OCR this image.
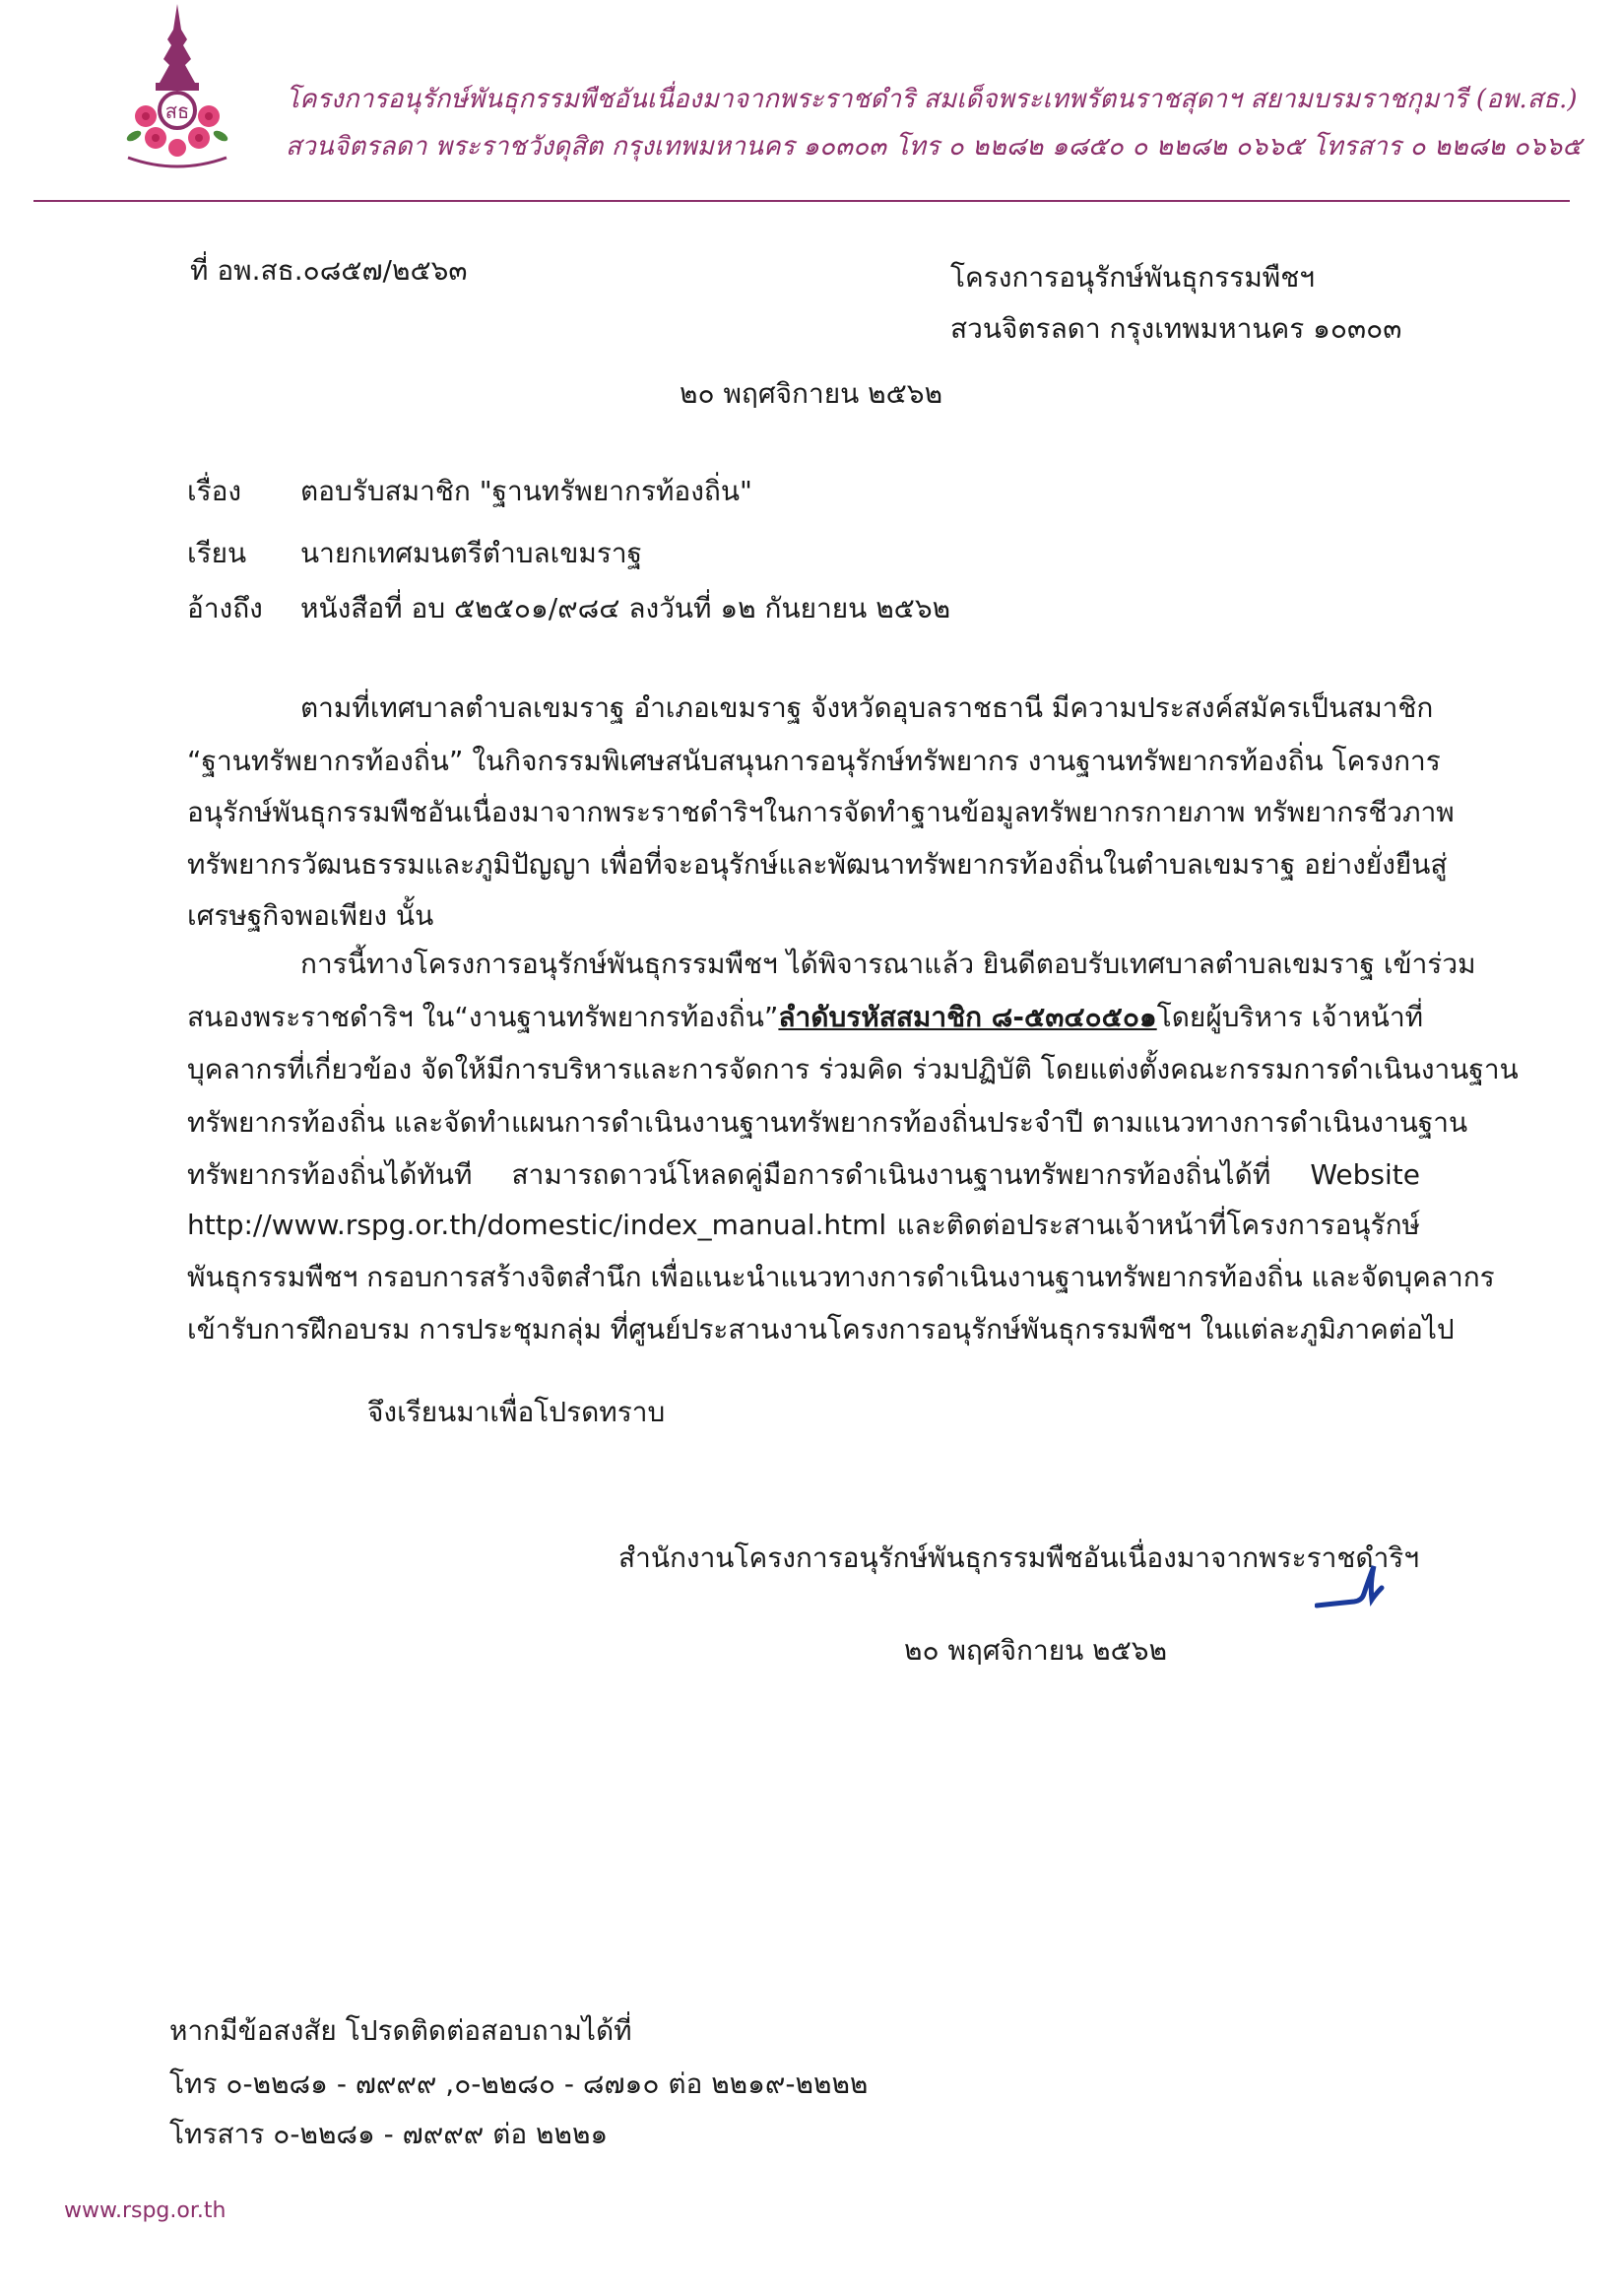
สธ	โครงการอนุรักษ์พันธุกรรมพืชอันเนื่องมาจากพระราชดำริ สมเด็จพระเทพรัตนราชสุดาฯ สยามบรมราชกุมารี (อพ.สธ.)
สวนจิตรลดา พระราชวังดุสิต กรุงเทพมหานคร ๑๐๓๐๓ โทร ๐ ๒๒๘๒ ๑๘๕๐ ๐ ๒๒๘๒ ๐๖๖๕ โทรสาร ๐ ๒๒๘๒ ๐๖๖๕
ที่ อพ.สธ.๐๘๕๗/๒๕๖๓	โครงการอนุรักษ์พันธุกรรมพืชฯ
สวนจิตรลดา กรุงเทพมหานคร ๑๐๓๐๓
๒๐ พฤศจิกายน ๒๕๖๒
เรื่อง ตอบรับสมาชิก "ฐานทรัพยากรท้องถิ่น"
เรียน นายกเทศมนตรีตำบลเขมราฐ
อ้างถึง หนังสือที่ อบ ๕๒๕๐๑/๙๘๔ ลงวันที่ ๑๒ กันยายน ๒๕๖๒
ตามที่เทศบาลตำบลเขมราฐ อำเภอเขมราฐ จังหวัดอุบลราชธานี มีความประสงค์สมัครเป็นสมาชิก
“ฐานทรัพยากรท้องถิ่น” ในกิจกรรมพิเศษสนับสนุนการอนุรักษ์ทรัพยากร งานฐานทรัพยากรท้องถิ่น โครงการ
อนุรักษ์พันธุกรรมพืชอันเนื่องมาจากพระราชดำริฯในการจัดทำฐานข้อมูลทรัพยากรกายภาพ ทรัพยากรชีวภาพ
ทรัพยากรวัฒนธรรมและภูมิปัญญา เพื่อที่จะอนุรักษ์และพัฒนาทรัพยากรท้องถิ่นในตำบลเขมราฐ อย่างยั่งยืนสู่
เศรษฐกิจพอเพียง นั้น
การนี้ทางโครงการอนุรักษ์พันธุกรรมพืชฯ ได้พิจารณาแล้ว ยินดีตอบรับเทศบาลตำบลเขมราฐ เข้าร่วม
สนองพระราชดำริฯ ใน“งานฐานทรัพยากรท้องถิ่น” ลำดับรหัสสมาชิก ๘-๕๓๔๐๕๐๑ โดยผู้บริหาร เจ้าหน้าที่
บุคลากรที่เกี่ยวข้อง จัดให้มีการบริหารและการจัดการ ร่วมคิด ร่วมปฏิบัติ โดยแต่งตั้งคณะกรรมการดำเนินงานฐาน
ทรัพยากรท้องถิ่น และจัดทำแผนการดำเนินงานฐานทรัพยากรท้องถิ่นประจำปี ตามแนวทางการดำเนินงานฐาน
ทรัพยากรท้องถิ่นได้ทันที สามารถดาวน์โหลดคู่มือการดำเนินงานฐานทรัพยากรท้องถิ่นได้ที่ Website
http://www.rspg.or.th/domestic/index_manual.html และติดต่อประสานเจ้าหน้าที่โครงการอนุรักษ์
พันธุกรรมพืชฯ กรอบการสร้างจิตสำนึก เพื่อแนะนำแนวทางการดำเนินงานฐานทรัพยากรท้องถิ่น และจัดบุคลากร
เข้ารับการฝึกอบรม การประชุมกลุ่ม ที่ศูนย์ประสานงานโครงการอนุรักษ์พันธุกรรมพืชฯ ในแต่ละภูมิภาคต่อไป
จึงเรียนมาเพื่อโปรดทราบ
สำนักงานโครงการอนุรักษ์พันธุกรรมพืชอันเนื่องมาจากพระราชดำริฯ
๒๐ พฤศจิกายน ๒๕๖๒
หากมีข้อสงสัย โปรดติดต่อสอบถามได้ที่
โทร ๐-๒๒๘๑ - ๗๙๙๙ ,๐-๒๒๘๐ - ๘๗๑๐ ต่อ ๒๒๑๙-๒๒๒๒
โทรสาร ๐-๒๒๘๑ - ๗๙๙๙ ต่อ ๒๒๒๑
www.rspg.or.th
